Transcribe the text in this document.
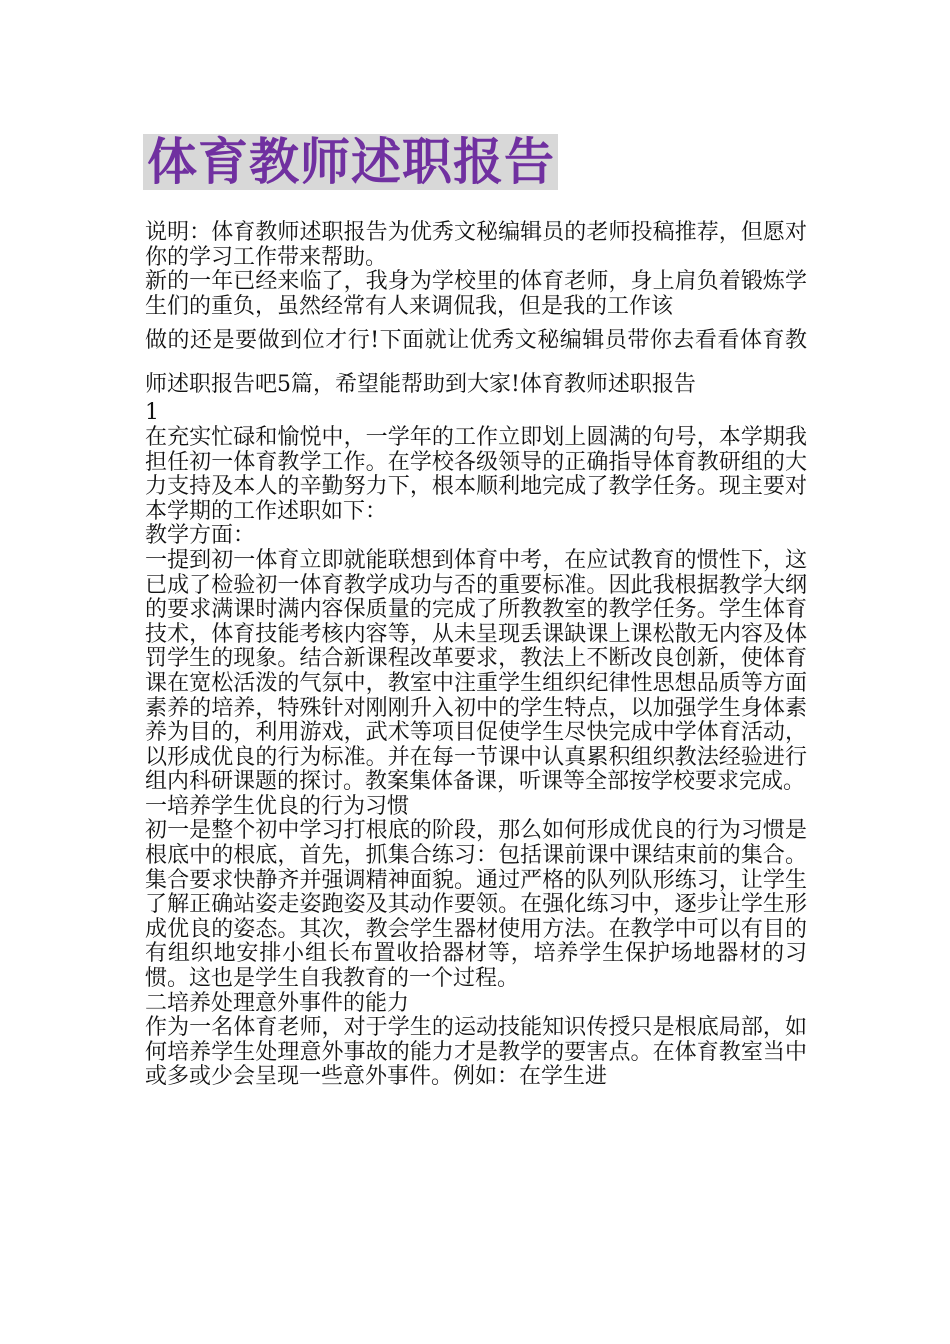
体育教师述职报告

说明：体育教师述职报告为优秀文秘编辑员的老师投稿推荐，但愿对你的学习工作带来帮助。

新的一年已经来临了，我身为学校里的体育老师，身上肩负着锻炼学生们的重负，虽然经常有人来调侃我，但是我的工作该

做的还是要做到位才行!下面就让优秀文秘编辑员带你去看看体育教师述职报告吧5篇，希望能帮助到大家!体育教师述职报告

1

在充实忙碌和愉悦中，一学年的工作立即划上圆满的句号，本学期我担任初一体育教学工作。在学校各级领导的正确指导体育教研组的大力支持及本人的辛勤努力下，根本顺利地完成了教学任务。现主要对本学期的工作述职如下：

教学方面：

一提到初一体育立即就能联想到体育中考，在应试教育的惯性下，这已成了检验初一体育教学成功与否的重要标准。因此我根据教学大纲的要求满课时满内容保质量的完成了所教教室的教学任务。学生体育技术，体育技能考核内容等，从未呈现丢课缺课上课松散无内容及体罚学生的现象。结合新课程改革要求，教法上不断改良创新，使体育课在宽松活泼的气氛中，教室中注重学生组织纪律性思想品质等方面素养的培养，特殊针对刚刚升入初中的学生特点，以加强学生身体素养为目的，利用游戏，武术等项目促使学生尽快完成中学体育活动，以形成优良的行为标准。并在每一节课中认真累积组织教法经验进行组内科研课题的探讨。教案集体备课，听课等全部按学校要求完成。

一培养学生优良的行为习惯

初一是整个初中学习打根底的阶段，那么如何形成优良的行为习惯是根底中的根底，首先，抓集合练习：包括课前课中课结束前的集合。集合要求快静齐并强调精神面貌。通过严格的队列队形练习，让学生了解正确站姿走姿跑姿及其动作要领。在强化练习中，逐步让学生形成优良的姿态。其次，教会学生器材使用方法。在教学中可以有目的有组织地安排小组长布置收拾器材等，培养学生保护场地器材的习惯。这也是学生自我教育的一个过程。

二培养处理意外事件的能力

作为一名体育老师，对于学生的运动技能知识传授只是根底局部，如何培养学生处理意外事故的能力才是教学的要害点。在体育教室当中或多或少会呈现一些意外事件。例如：在学生进
